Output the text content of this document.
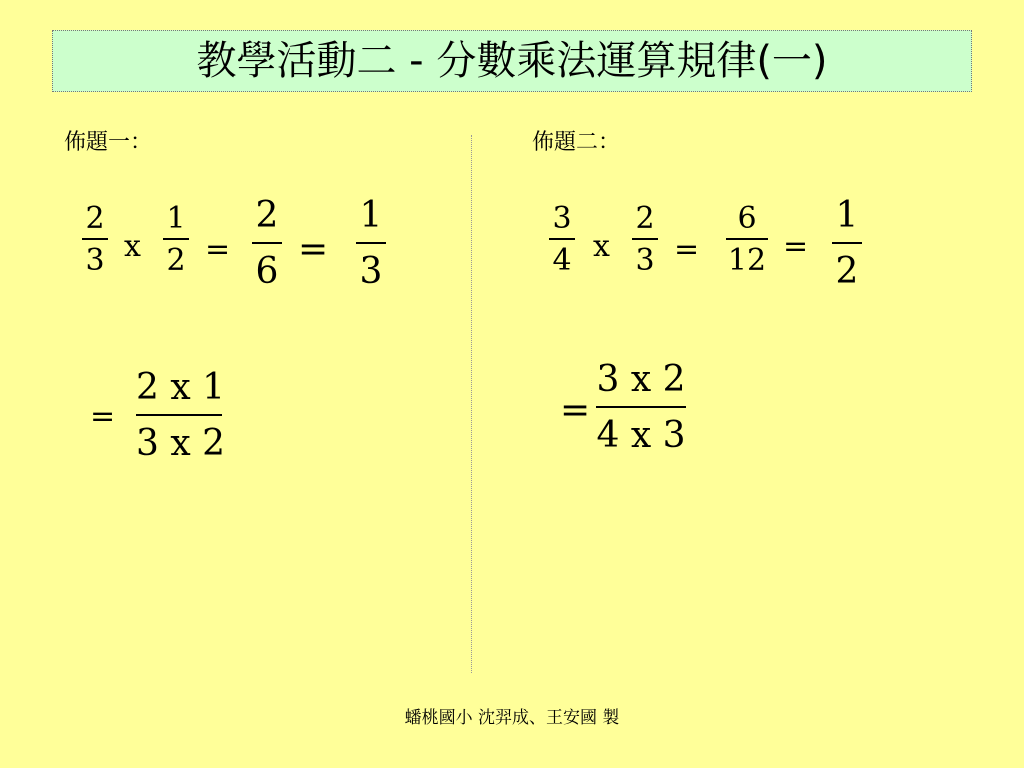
教學活動二 - 分數乘法運算規律(一)
佈題一：	佈題二：
2
3 x
1
2 =
2
6
=
1
3
=
2 x 1
3 x 2
3
4 x
2
3 =
6
12 =
1
2
=
3 x 2
4 x 3
蟠桃國小 沈羿成、王安國 製
